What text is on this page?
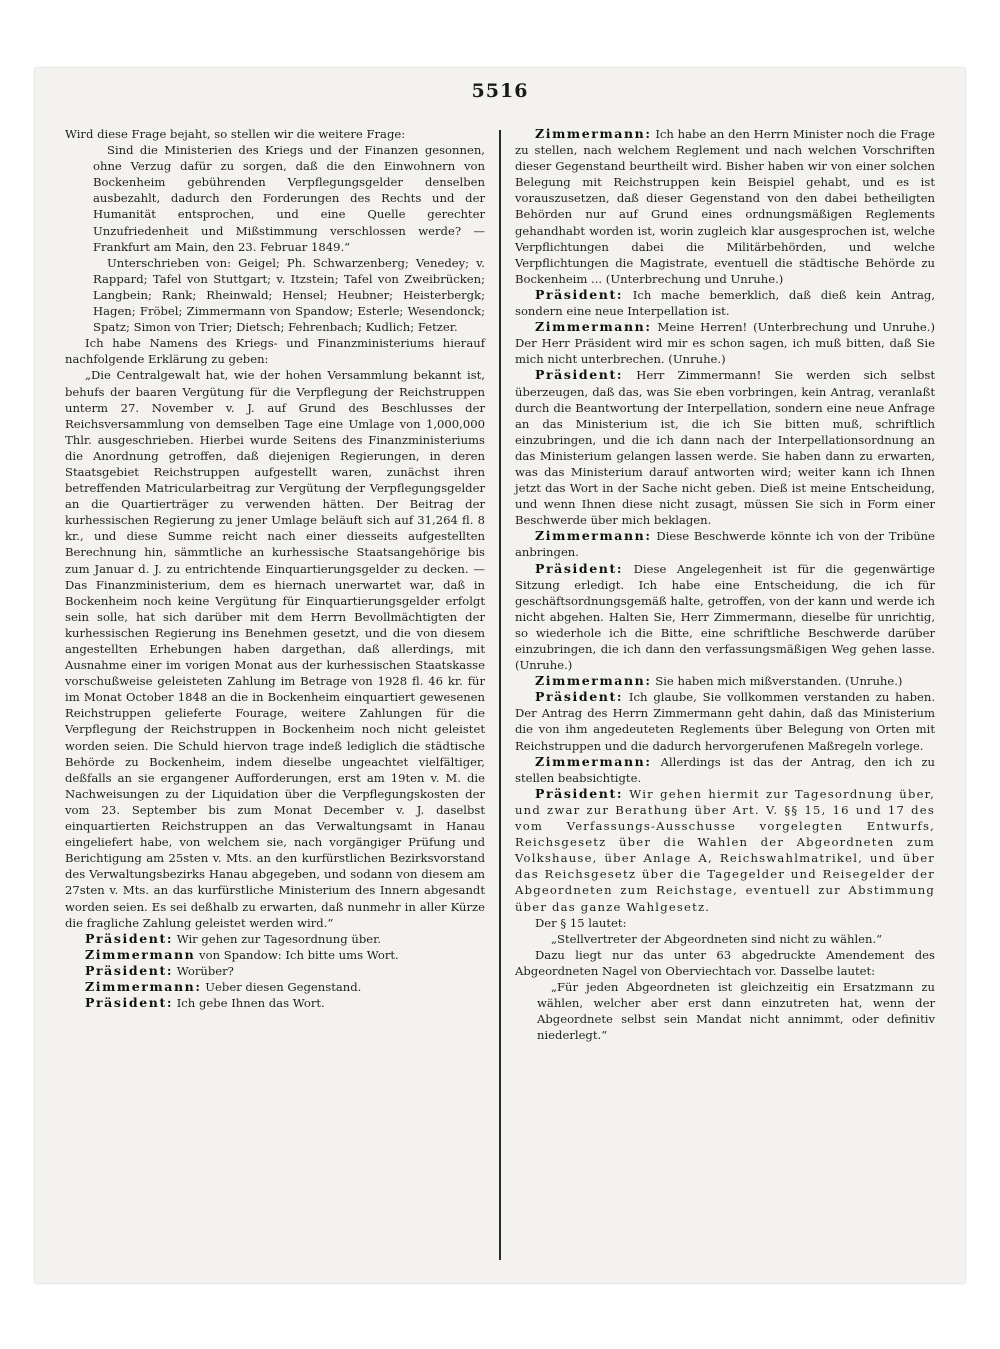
5516

Wird diese Frage bejaht, so stellen wir die weitere Frage:

Sind die Ministerien des Kriegs und der Finanzen gesonnen, ohne Verzug dafür zu sorgen, daß die den Einwohnern von Bockenheim gebührenden Verpflegungsgelder denselben ausbezahlt, dadurch den Forderungen des Rechts und der Humanität entsprochen, und eine Quelle gerechter Unzufriedenheit und Mißstimmung verschlossen werde? — Frankfurt am Main, den 23. Februar 1849.“

Unterschrieben von: Geigel; Ph. Schwarzenberg; Venedey; v. Rappard; Tafel von Stuttgart; v. Itzstein; Tafel von Zweibrücken; Langbein; Rank; Rheinwald; Hensel; Heubner; Heisterbergk; Hagen; Fröbel; Zimmermann von Spandow; Esterle; Wesendonck; Spatz; Simon von Trier; Dietsch; Fehrenbach; Kudlich; Fetzer.

Ich habe Namens des Kriegs- und Finanzministeriums hierauf nachfolgende Erklärung zu geben:

„Die Centralgewalt hat, wie der hohen Versammlung bekannt ist, behufs der baaren Vergütung für die Verpflegung der Reichstruppen unterm 27. November v. J. auf Grund des Beschlusses der Reichsversammlung von demselben Tage eine Umlage von 1,000,000 Thlr. ausgeschrieben. Hierbei wurde Seitens des Finanzministeriums die Anordnung getroffen, daß diejenigen Regierungen, in deren Staatsgebiet Reichstruppen aufgestellt waren, zunächst ihren betreffenden Matricularbeitrag zur Vergütung der Verpflegungsgelder an die Quartierträger zu verwenden hätten. Der Beitrag der kurhessischen Regierung zu jener Umlage beläuft sich auf 31,264 fl. 8 kr., und diese Summe reicht nach einer diesseits aufgestellten Berechnung hin, sämmtliche an kurhessische Staatsangehörige bis zum Januar d. J. zu entrichtende Einquartierungsgelder zu decken. — Das Finanzministerium, dem es hiernach unerwartet war, daß in Bockenheim noch keine Vergütung für Einquartierungsgelder erfolgt sein solle, hat sich darüber mit dem Herrn Bevollmächtigten der kurhessischen Regierung ins Benehmen gesetzt, und die von diesem angestellten Erhebungen haben dargethan, daß allerdings, mit Ausnahme einer im vorigen Monat aus der kurhessischen Staatskasse vorschußweise geleisteten Zahlung im Betrage von 1928 fl. 46 kr. für im Monat October 1848 an die in Bockenheim einquartiert gewesenen Reichstruppen gelieferte Fourage, weitere Zahlungen für die Verpflegung der Reichstruppen in Bockenheim noch nicht geleistet worden seien. Die Schuld hiervon trage indeß lediglich die städtische Behörde zu Bockenheim, indem dieselbe ungeachtet vielfältiger, deßfalls an sie ergangener Aufforderungen, erst am 19ten v. M. die Nachweisungen zu der Liquidation über die Verpflegungskosten der vom 23. September bis zum Monat December v. J. daselbst einquartierten Reichstruppen an das Verwaltungsamt in Hanau eingeliefert habe, von welchem sie, nach vorgängiger Prüfung und Berichtigung am 25sten v. Mts. an den kurfürstlichen Bezirksvorstand des Verwaltungsbezirks Hanau abgegeben, und sodann von diesem am 27sten v. Mts. an das kurfürstliche Ministerium des Innern abgesandt worden seien. Es sei deßhalb zu erwarten, daß nunmehr in aller Kürze die fragliche Zahlung geleistet werden wird.“

Präsident: Wir gehen zur Tagesordnung über.

Zimmermann von Spandow: Ich bitte ums Wort.

Präsident: Worüber?

Zimmermann: Ueber diesen Gegenstand.

Präsident: Ich gebe Ihnen das Wort.

Zimmermann: Ich habe an den Herrn Minister noch die Frage zu stellen, nach welchem Reglement und nach welchen Vorschriften dieser Gegenstand beurtheilt wird. Bisher haben wir von einer solchen Belegung mit Reichstruppen kein Beispiel gehabt, und es ist vorauszusetzen, daß dieser Gegenstand von den dabei betheiligten Behörden nur auf Grund eines ordnungsmäßigen Reglements gehandhabt worden ist, worin zugleich klar ausgesprochen ist, welche Verpflichtungen dabei die Militärbehörden, und welche Verpflichtungen die Magistrate, eventuell die städtische Behörde zu Bockenheim ... (Unterbrechung und Unruhe.)

Präsident: Ich mache bemerklich, daß dieß kein Antrag, sondern eine neue Interpellation ist.

Zimmermann: Meine Herren! (Unterbrechung und Unruhe.) Der Herr Präsident wird mir es schon sagen, ich muß bitten, daß Sie mich nicht unterbrechen. (Unruhe.)

Präsident: Herr Zimmermann! Sie werden sich selbst überzeugen, daß das, was Sie eben vorbringen, kein Antrag, veranlaßt durch die Beantwortung der Interpellation, sondern eine neue Anfrage an das Ministerium ist, die ich Sie bitten muß, schriftlich einzubringen, und die ich dann nach der Interpellationsordnung an das Ministerium gelangen lassen werde. Sie haben dann zu erwarten, was das Ministerium darauf antworten wird; weiter kann ich Ihnen jetzt das Wort in der Sache nicht geben. Dieß ist meine Entscheidung, und wenn Ihnen diese nicht zusagt, müssen Sie sich in Form einer Beschwerde über mich beklagen.

Zimmermann: Diese Beschwerde könnte ich von der Tribüne anbringen.

Präsident: Diese Angelegenheit ist für die gegenwärtige Sitzung erledigt. Ich habe eine Entscheidung, die ich für geschäftsordnungsgemäß halte, getroffen, von der kann und werde ich nicht abgehen. Halten Sie, Herr Zimmermann, dieselbe für unrichtig, so wiederhole ich die Bitte, eine schriftliche Beschwerde darüber einzubringen, die ich dann den verfassungsmäßigen Weg gehen lasse. (Unruhe.)

Zimmermann: Sie haben mich mißverstanden. (Unruhe.)

Präsident: Ich glaube, Sie vollkommen verstanden zu haben. Der Antrag des Herrn Zimmermann geht dahin, daß das Ministerium die von ihm angedeuteten Reglements über Belegung von Orten mit Reichstruppen und die dadurch hervorgerufenen Maßregeln vorlege.

Zimmermann: Allerdings ist das der Antrag, den ich zu stellen beabsichtigte.

Präsident: Wir gehen hiermit zur Tagesordnung über, und zwar zur Berathung über Art. V. §§ 15, 16 und 17 des vom Verfassungs-Ausschusse vorgelegten Entwurfs, Reichsgesetz über die Wahlen der Abgeordneten zum Volkshause, über Anlage A, Reichswahlmatrikel, und über das Reichsgesetz über die Tagegelder und Reisegelder der Abgeordneten zum Reichstage, eventuell zur Abstimmung über das ganze Wahlgesetz.

Der § 15 lautet:

„Stellvertreter der Abgeordneten sind nicht zu wählen.“

Dazu liegt nur das unter 63 abgedruckte Amendement des Abgeordneten Nagel von Oberviechtach vor. Dasselbe lautet:

„Für jeden Abgeordneten ist gleichzeitig ein Ersatzmann zu wählen, welcher aber erst dann einzutreten hat, wenn der Abgeordnete selbst sein Mandat nicht annimmt, oder definitiv niederlegt.“
